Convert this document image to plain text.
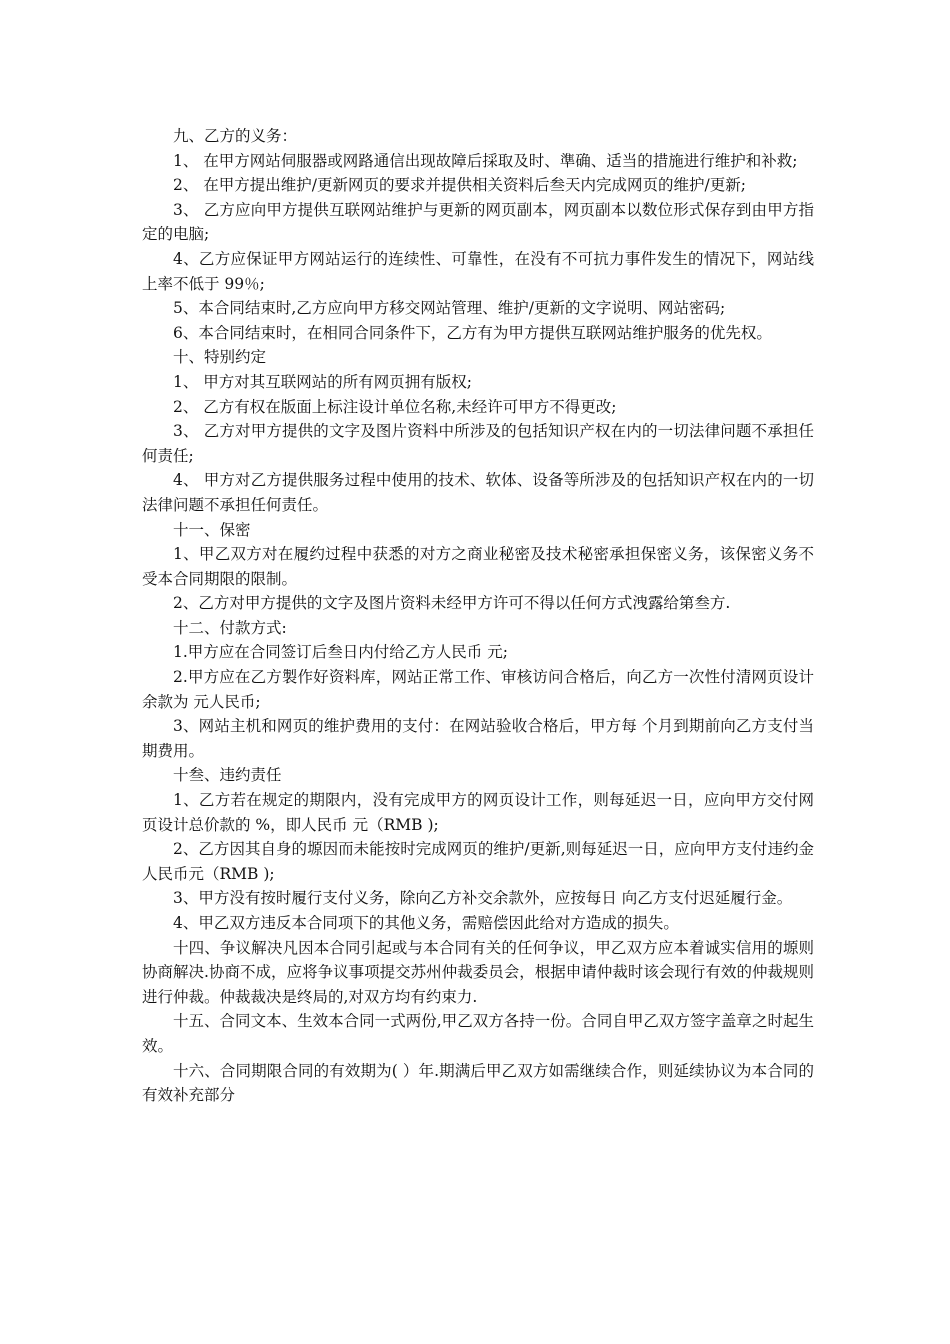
九、乙方的义务：

1、 在甲方网站伺服器或网路通信出现故障后採取及时、準确、适当的措施进行维护和补救;

2、 在甲方提出维护/更新网页的要求并提供相关资料后叁天内完成网页的维护/更新;

3、 乙方应向甲方提供互联网站维护与更新的网页副本，网页副本以数位形式保存到由甲方指定的电脑;

4、乙方应保证甲方网站运行的连续性、可靠性，在没有不可抗力事件发生的情况下，网站线上率不低于 99％;

5、本合同结束时,乙方应向甲方移交网站管理、维护/更新的文字说明、网站密码;

6、本合同结束时，在相同合同条件下，乙方有为甲方提供互联网站维护服务的优先权。

十、特别约定

1、 甲方对其互联网站的所有网页拥有版权;

2、 乙方有权在版面上标注设计单位名称,未经许可甲方不得更改;

3、 乙方对甲方提供的文字及图片资料中所涉及的包括知识产权在内的一切法律问题不承担任何责任;

4、 甲方对乙方提供服务过程中使用的技术、软体、设备等所涉及的包括知识产权在内的一切法律问题不承担任何责任。

十一、保密

1、甲乙双方对在履约过程中获悉的对方之商业秘密及技术秘密承担保密义务，该保密义务不受本合同期限的限制。

2、乙方对甲方提供的文字及图片资料未经甲方许可不得以任何方式洩露给第叁方.

十二、付款方式:

1.甲方应在合同签订后叁日内付给乙方人民币 元;

2.甲方应在乙方製作好资料库，网站正常工作、审核访问合格后，向乙方一次性付清网页设计余款为 元人民币;

3、网站主机和网页的维护费用的支付：在网站验收合格后，甲方每 个月到期前向乙方支付当期费用。

十叁、违约责任

1、乙方若在规定的期限内，没有完成甲方的网页设计工作，则每延迟一日，应向甲方交付网页设计总价款的 %，即人民币 元（RMB );

2、乙方因其自身的塬因而未能按时完成网页的维护/更新,则每延迟一日，应向甲方支付违约金人民币元（RMB );

3、甲方没有按时履行支付义务，除向乙方补交余款外，应按每日 向乙方支付迟延履行金。

4、甲乙双方违反本合同项下的其他义务，需赔偿因此给对方造成的损失。

十四、争议解决凡因本合同引起或与本合同有关的任何争议，甲乙双方应本着诚实信用的塬则协商解决.协商不成，应将争议事项提交苏州仲裁委员会，根据申请仲裁时该会现行有效的仲裁规则进行仲裁。仲裁裁决是终局的,对双方均有约束力.

十五、合同文本、生效本合同一式两份,甲乙双方各持一份。合同自甲乙双方签字盖章之时起生效。

十六、合同期限合同的有效期为( ）年.期满后甲乙双方如需继续合作，则延续协议为本合同的有效补充部分
